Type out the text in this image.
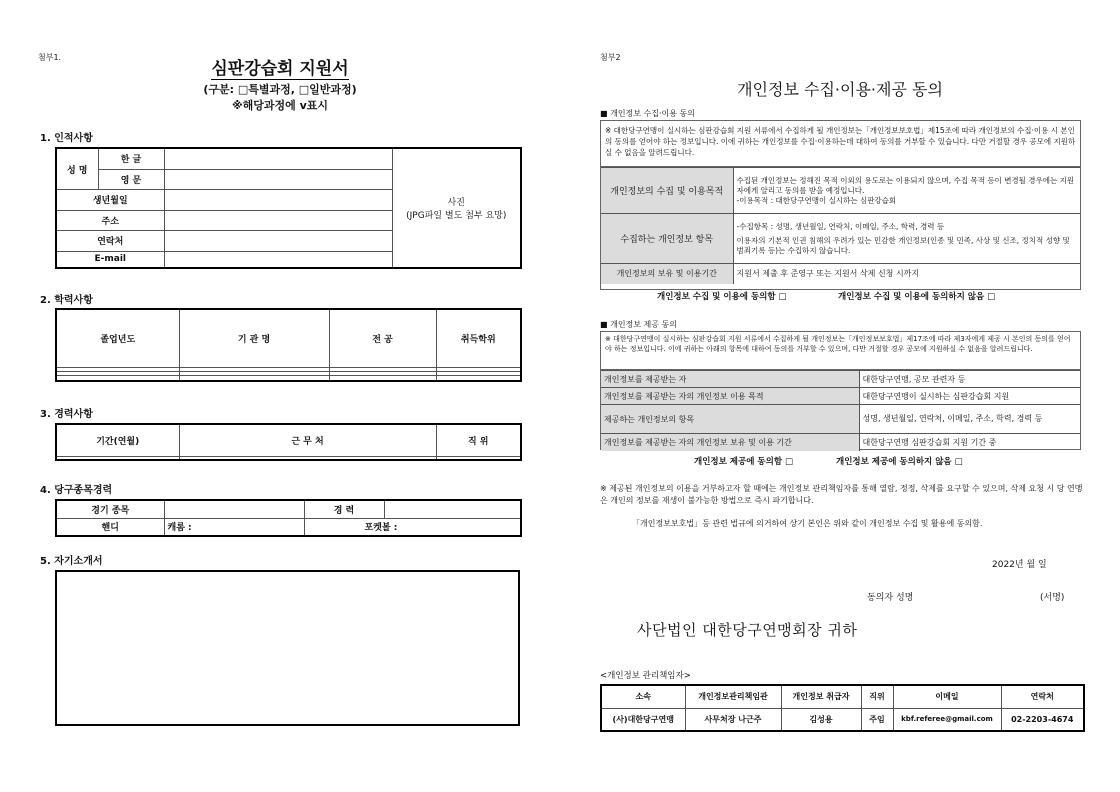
첨부1.
심판강습회 지원서
(구분: □특별과정, □일반과정)
※해당과정에 v표시
1. 인적사항
성 명	한 글		사진
(JPG파일 별도 첨부 요망)

	영 문		
생년월일			
주소			
연락처			
E-mail			
2. 학력사항
졸업년도	기 관 명	전 공	취득학위

3. 경력사항
기간(연월)	근 무 처	직 위

4. 당구종목경력
경기 종목		경 력	
핸디	캐롬 :	포켓볼 :	
5. 자기소개서
첨부2
개인정보 수집·이용·제공 동의
■ 개인정보 수집·이용 동의
※ 대한당구연맹이 실시하는 심판강습회 지원 서류에서 수집하게 될 개인정보는「개인정보보호법」제15조에 따라 개인정보의 수집·이용 시 본인의 동의를 얻어야 하는 정보입니다. 이에 귀하는 개인정보를 수집·이용하는데 대하여 동의를 거부할 수 있습니다. 다만 거절할 경우 공모에 지원하실 수 없음을 알려드립니다.
개인정보의 수집 및 이용목적	수집된 개인정보는 정해진 목적 이외의 용도로는 이용되지 않으며, 수집 목적 등이 변경될 경우에는 지원자에게 알리고 동의를 받을 예정입니다.
-이용목적 : 대한당구연맹이 실시하는 심판강습회

수집하는 개인정보 항목	-수집항목 : 성명, 생년월일, 연락처, 이메일, 주소, 학력, 경력 등
이용자의 기본적 인권 침해의 우려가 있는 민감한 개인정보(인종 및 민족, 사상 및 신조, 정치적 성향 및 범죄기록 등)는 수집하지 않습니다.

개인정보의 보유 및 이용기간	지원서 제출 후 준영구 또는 지원서 삭제 신청 시까지
개인정보 수집 및 이용에 동의함 □	개인정보 수집 및 이용에 동의하지 않음 □
■ 개인정보 제공 동의
※ 대한당구연맹이 실시하는 심판강습회 지원 서류에서 수집하게 될 개인정보는「개인정보보호법」제17조에 따라 제3자에게 제공 시 본인의 동의를 얻어야 하는 정보입니다. 이에 귀하는 아래의 항목에 대하여 동의를 거부할 수 있으며, 다만 거절할 경우 공모에 지원하실 수 없음을 알려드립니다.
개인정보를 제공받는 자	대한당구연맹, 공모 관련자 등
개인정보를 제공받는 자의 개인정보 이용 목적	대한당구연맹이 실시하는 심판강습회 지원
제공하는 개인정보의 항목	성명, 생년월일, 연락처, 이메일, 주소, 학력, 경력 등
개인정보를 제공받는 자의 개인정보 보유 및 이용 기간	대한당구연맹 심판강습회 지원 기간 중
개인정보 제공에 동의함 □	개인정보 제공에 동의하지 않음 □
※ 제공된 개인정보의 이용을 거부하고자 할 때에는 개인정보 관리책임자를 통해 열람, 정정, 삭제를 요구할 수 있으며, 삭제 요청 시 당 연맹은 개인의 정보를 재생이 불가능한 방법으로 즉시 파기합니다.
「개인정보보호법」등 관련 법규에 의거하여 상기 본인은 위와 같이 개인정보 수집 및 활용에 동의함.
2022년 월 일
동의자 성명	(서명)
사단법인 대한당구연맹회장 귀하
<개인정보 관리책임자>
소속	개인정보관리책임관	개인정보 취급자	직위	이메일	연락처
(사)대한당구연맹	사무처장 나근주	김성용	주임	kbf.referee@gmail.com	02-2203-4674
